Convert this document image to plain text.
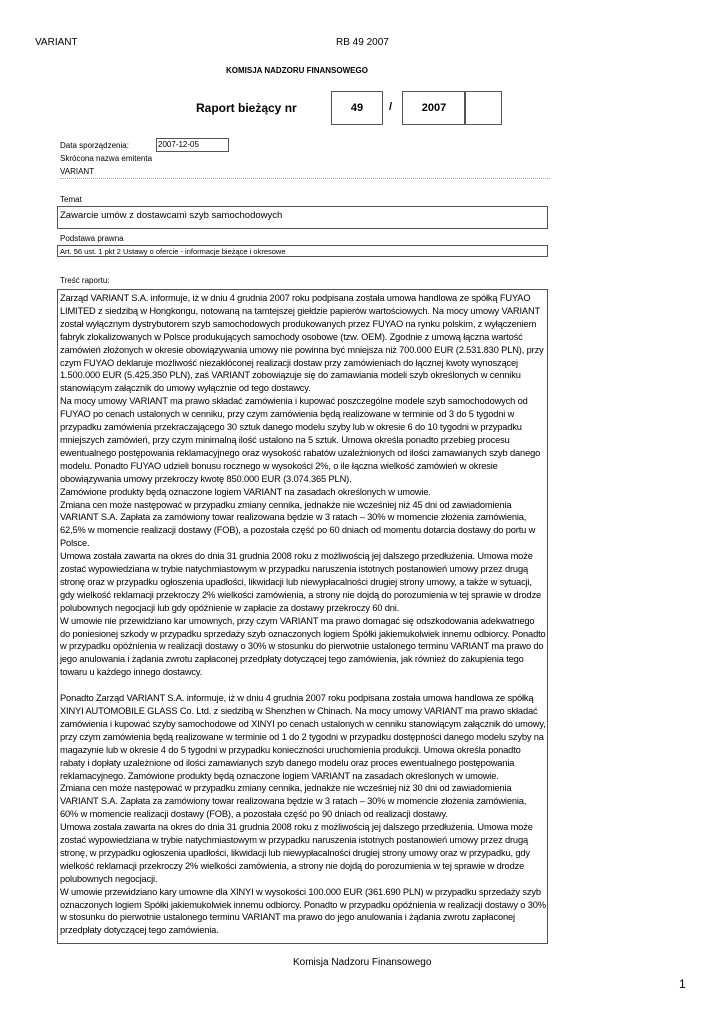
VARIANT	RB 49 2007
KOMISJA NADZORU FINANSOWEGO
Raport bieżący nr	49	/	2007
Data sporządzenia:	2007-12-05
Skrócona nazwa emitenta
VARIANT
Temat
Zawarcie umów z dostawcami szyb samochodowych
Podstawa prawna
Art. 56 ust. 1 pkt 2 Ustawy o ofercie - informacje bieżące i okresowe
Treść raportu:

Zarząd VARIANT S.A. informuje, iż w dniu 4 grudnia 2007 roku podpisana została umowa handlowa ze spółką FUYAO LIMITED z siedzibą w Hongkongu, notowaną na tamtejszej giełdzie papierów wartościowych. Na mocy umowy VARIANT został wyłącznym dystrybutorem szyb samochodowych produkowanych przez FUYAO na rynku polskim, z wyłączeniem fabryk zlokalizowanych w Polsce produkujących samochody osobowe (tzw. OEM). Zgodnie z umową łączna wartość zamówień złożonych w okresie obowiązywania umowy nie powinna być mniejsza niż 700.000 EUR (2.531.830 PLN), przy czym FUYAO deklaruje możliwość niezakłóconej realizacji dostaw przy zamówieniach do łącznej kwoty wynoszącej 1.500.000 EUR (5.425.350 PLN), zaś VARIANT zobowiązuje się do zamawiania modeli szyb określonych w cenniku stanowiącym załącznik do umowy wyłącznie od tego dostawcy.

Na mocy umowy VARIANT ma prawo składać zamówienia i kupować poszczególne modele szyb samochodowych od FUYAO po cenach ustalonych w cenniku, przy czym zamówienia będą realizowane w terminie od 3 do 5 tygodni w przypadku zamówienia przekraczającego 30 sztuk danego modelu szyby lub w okresie 6 do 10 tygodni w przypadku mniejszych zamówień, przy czym minimalną ilość ustalono na 5 sztuk. Umowa określa ponadto przebieg procesu ewentualnego postępowania reklamacyjnego oraz wysokość rabatów uzależnionych od ilości zamawianych szyb danego modelu. Ponadto FUYAO udzieli bonusu rocznego w wysokości 2%, o ile łączna wielkość zamówień w okresie obowiązywania umowy przekroczy kwotę 850.000 EUR (3.074.365 PLN).

Zamówione produkty będą oznaczone logiem VARIANT na zasadach określonych w umowie.

Zmiana cen może następować w przypadku zmiany cennika, jednakże nie wcześniej niż 45 dni od zawiadomienia VARIANT S.A. Zapłata za zamówiony towar realizowana będzie w 3 ratach – 30% w momencie złożenia zamówienia, 62,5% w momencie realizacji dostawy (FOB), a pozostała część po 60 dniach od momentu dotarcia dostawy do portu w Polsce.

Umowa została zawarta na okres do dnia 31 grudnia 2008 roku z możliwością jej dalszego przedłużenia. Umowa może zostać wypowiedziana w trybie natychmiastowym w przypadku naruszenia istotnych postanowień umowy przez drugą stronę oraz w przypadku ogłoszenia upadłości, likwidacji lub niewypłacalności drugiej strony umowy, a także w sytuacji, gdy wielkość reklamacji przekroczy 2% wielkości zamówienia, a strony nie dojdą do porozumienia w tej sprawie w drodze polubownych negocjacji lub gdy opóźnienie w zapłacie za dostawy przekroczy 60 dni.

W umowie nie przewidziano kar umownych, przy czym VARIANT ma prawo domagać się odszkodowania adekwatnego do poniesionej szkody w przypadku sprzedaży szyb oznaczonych logiem Spółki jakiemukolwiek innemu odbiorcy. Ponadto w przypadku opóźnienia w realizacji dostawy o 30% w stosunku do pierwotnie ustalonego terminu VARIANT ma prawo do jego anulowania i żądania zwrotu zapłaconej przedpłaty dotyczącej tego zamówienia, jak również do zakupienia tego towaru u każdego innego dostawcy.

Ponadto Zarząd VARIANT S.A. informuje, iż w dniu 4 grudnia 2007 roku podpisana została umowa handlowa ze spółką XINYI AUTOMOBILE GLASS Co. Ltd. z siedzibą w Shenzhen w Chinach. Na mocy umowy VARIANT ma prawo składać zamówienia i kupować szyby samochodowe od XINYI po cenach ustalonych w cenniku stanowiącym załącznik do umowy, przy czym zamówienia będą realizowane w terminie od 1 do 2 tygodni w przypadku dostępności danego modelu szyby na magazynie lub w okresie 4 do 5 tygodni w przypadku konieczności uruchomienia produkcji. Umowa określa ponadto rabaty i dopłaty uzależnione od ilości zamawianych szyb danego modelu oraz proces ewentualnego postępowania reklamacyjnego. Zamówione produkty będą oznaczone logiem VARIANT na zasadach określonych w umowie.

Zmiana cen może następować w przypadku zmiany cennika, jednakże nie wcześniej niż 30 dni od zawiadomienia VARIANT S.A. Zapłata za zamówiony towar realizowana będzie w 3 ratach – 30% w momencie złożenia zamówienia, 60% w momencie realizacji dostawy (FOB), a pozostała część po 90 dniach od realizacji dostawy.

Umowa została zawarta na okres do dnia 31 grudnia 2008 roku z możliwością jej dalszego przedłużenia. Umowa może zostać wypowiedziana w trybie natychmiastowym w przypadku naruszenia istotnych postanowień umowy przez drugą stronę, w przypadku ogłoszenia upadłości, likwidacji lub niewypłacalności drugiej strony umowy oraz w przypadku, gdy wielkość reklamacji przekroczy 2% wielkości zamówienia, a strony nie dojdą do porozumienia w tej sprawie w drodze polubownych negocjacji.

W umowie przewidziano kary umowne dla XINYI w wysokości 100.000 EUR (361.690 PLN) w przypadku sprzedaży szyb oznaczonych logiem Spółki jakiemukolwiek innemu odbiorcy. Ponadto w przypadku opóźnienia w realizacji dostawy o 30% w stosunku do pierwotnie ustalonego terminu VARIANT ma prawo do jego anulowania i żądania zwrotu zapłaconej przedpłaty dotyczącej tego zamówienia.

Komisja Nadzoru Finansowego
1
